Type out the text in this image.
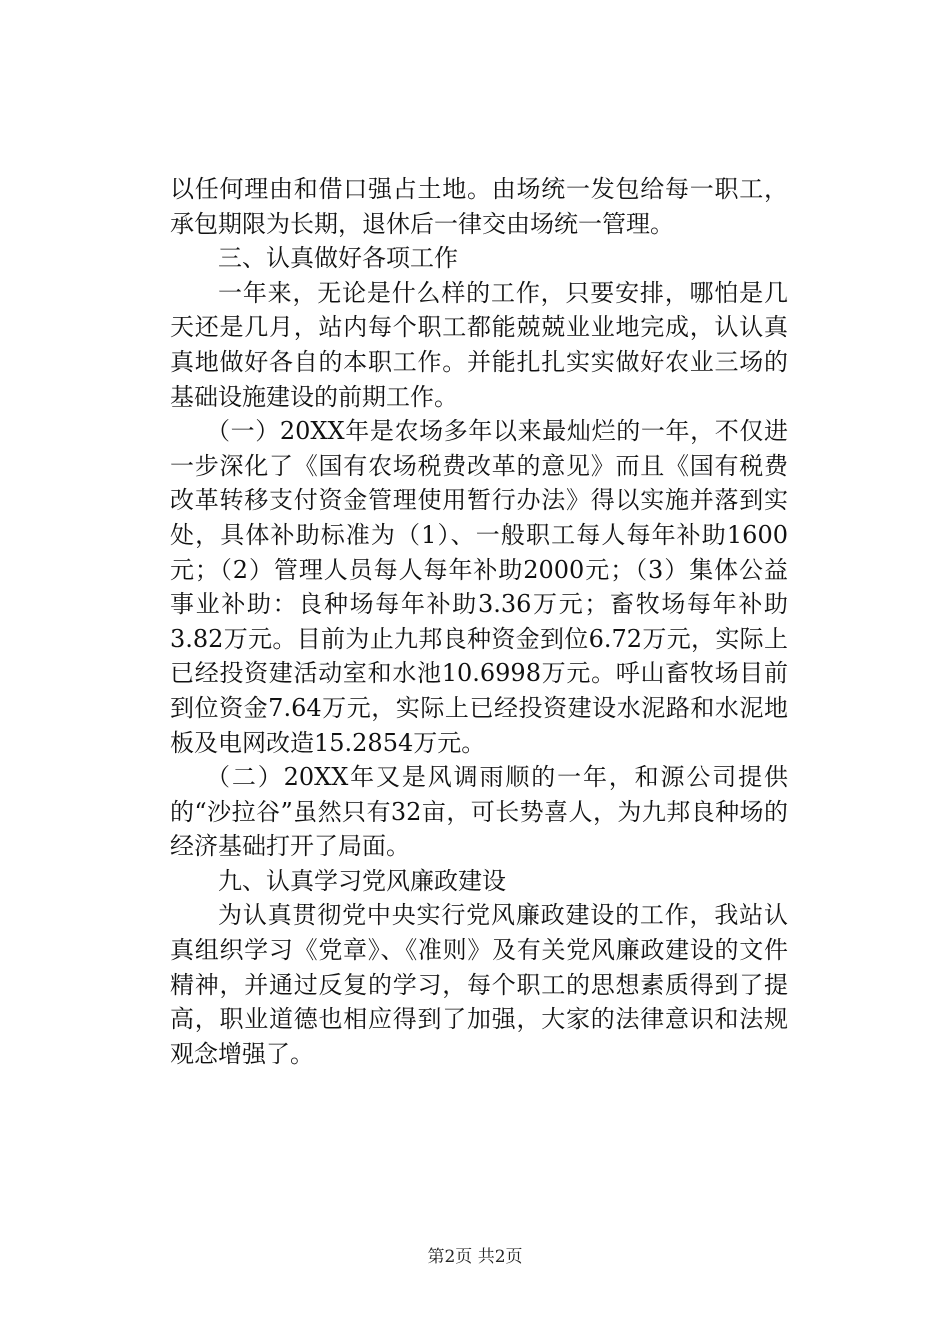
以任何理由和借口强占土地。由场统一发包给每一职工，承包期限为长期，退休后一律交由场统一管理。

三、认真做好各项工作

一年来，无论是什么样的工作，只要安排，哪怕是几天还是几月，站内每个职工都能兢兢业业地完成，认认真真地做好各自的本职工作。并能扎扎实实做好农业三场的基础设施建设的前期工作。

（一）20XX年是农场多年以来最灿烂的一年，不仅进一步深化了《国有农场税费改革的意见》而且《国有税费改革转移支付资金管理使用暂行办法》得以实施并落到实处，具体补助标准为（1）、一般职工每人每年补助1600元；（2）管理人员每人每年补助2000元；（3）集体公益事业补助：良种场每年补助3.36万元；畜牧场每年补助3.82万元。目前为止九邦良种资金到位6.72万元，实际上已经投资建活动室和水池10.6998万元。呼山畜牧场目前到位资金7.64万元，实际上已经投资建设水泥路和水泥地板及电网改造15.2854万元。

（二）20XX年又是风调雨顺的一年，和源公司提供的“沙拉谷”虽然只有32亩，可长势喜人，为九邦良种场的经济基础打开了局面。

九、认真学习党风廉政建设

为认真贯彻党中央实行党风廉政建设的工作，我站认真组织学习《党章》、《准则》及有关党风廉政建设的文件精神，并通过反复的学习，每个职工的思想素质得到了提高，职业道德也相应得到了加强，大家的法律意识和法规观念增强了。

第2页 共2页
